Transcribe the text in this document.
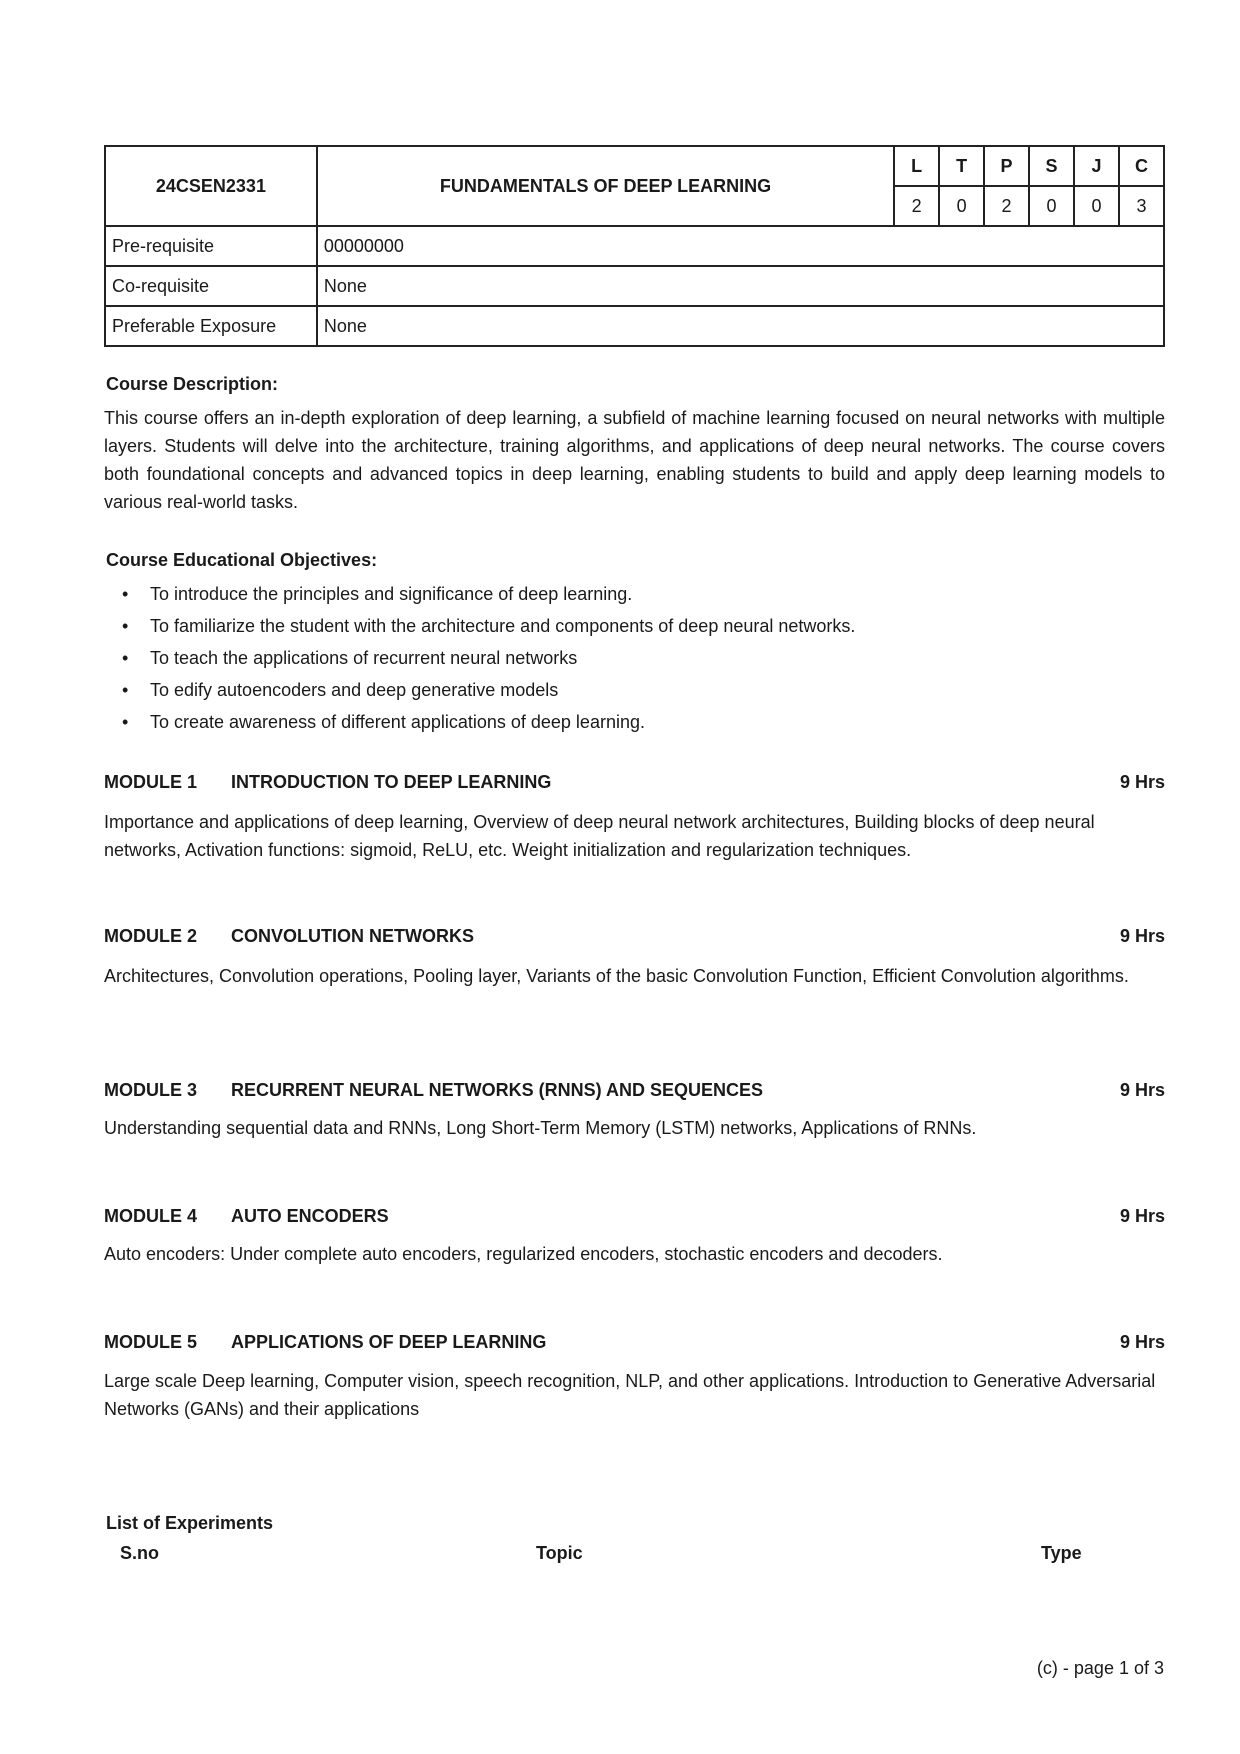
24CSEN2331	FUNDAMENTALS OF DEEP LEARNING	L	T	P	S	J	C
		2	0	2	0	0	3
Pre-requisite	00000000						
Co-requisite	None						
Preferable Exposure	None						
Course Description:

This course offers an in-depth exploration of deep learning, a subfield of machine learning focused on neural networks with multiple layers. Students will delve into the architecture, training algorithms, and applications of deep neural networks. The course covers both foundational concepts and advanced topics in deep learning, enabling students to build and apply deep learning models to various real-world tasks.

Course Educational Objectives:
• To introduce the principles and significance of deep learning.
• To familiarize the student with the architecture and components of deep neural networks.
• To teach the applications of recurrent neural networks
• To edify autoencoders and deep generative models
• To create awareness of different applications of deep learning.
MODULE 1 INTRODUCTION TO DEEP LEARNING	9 Hrs

Importance and applications of deep learning, Overview of deep neural network architectures, Building blocks of deep neural networks, Activation functions: sigmoid, ReLU, etc. Weight initialization and regularization techniques.

MODULE 2 CONVOLUTION NETWORKS	9 Hrs

Architectures, Convolution operations, Pooling layer, Variants of the basic Convolution Function, Efficient Convolution algorithms.

MODULE 3 RECURRENT NEURAL NETWORKS (RNNS) AND SEQUENCES	9 Hrs

Understanding sequential data and RNNs, Long Short-Term Memory (LSTM) networks, Applications of RNNs.

MODULE 4 AUTO ENCODERS	9 Hrs

Auto encoders: Under complete auto encoders, regularized encoders, stochastic encoders and decoders.

MODULE 5 APPLICATIONS OF DEEP LEARNING	9 Hrs

Large scale Deep learning, Computer vision, speech recognition, NLP, and other applications. Introduction to Generative Adversarial Networks (GANs) and their applications

List of Experiments
S.no	Topic	Type
(c) - page 1 of 3
